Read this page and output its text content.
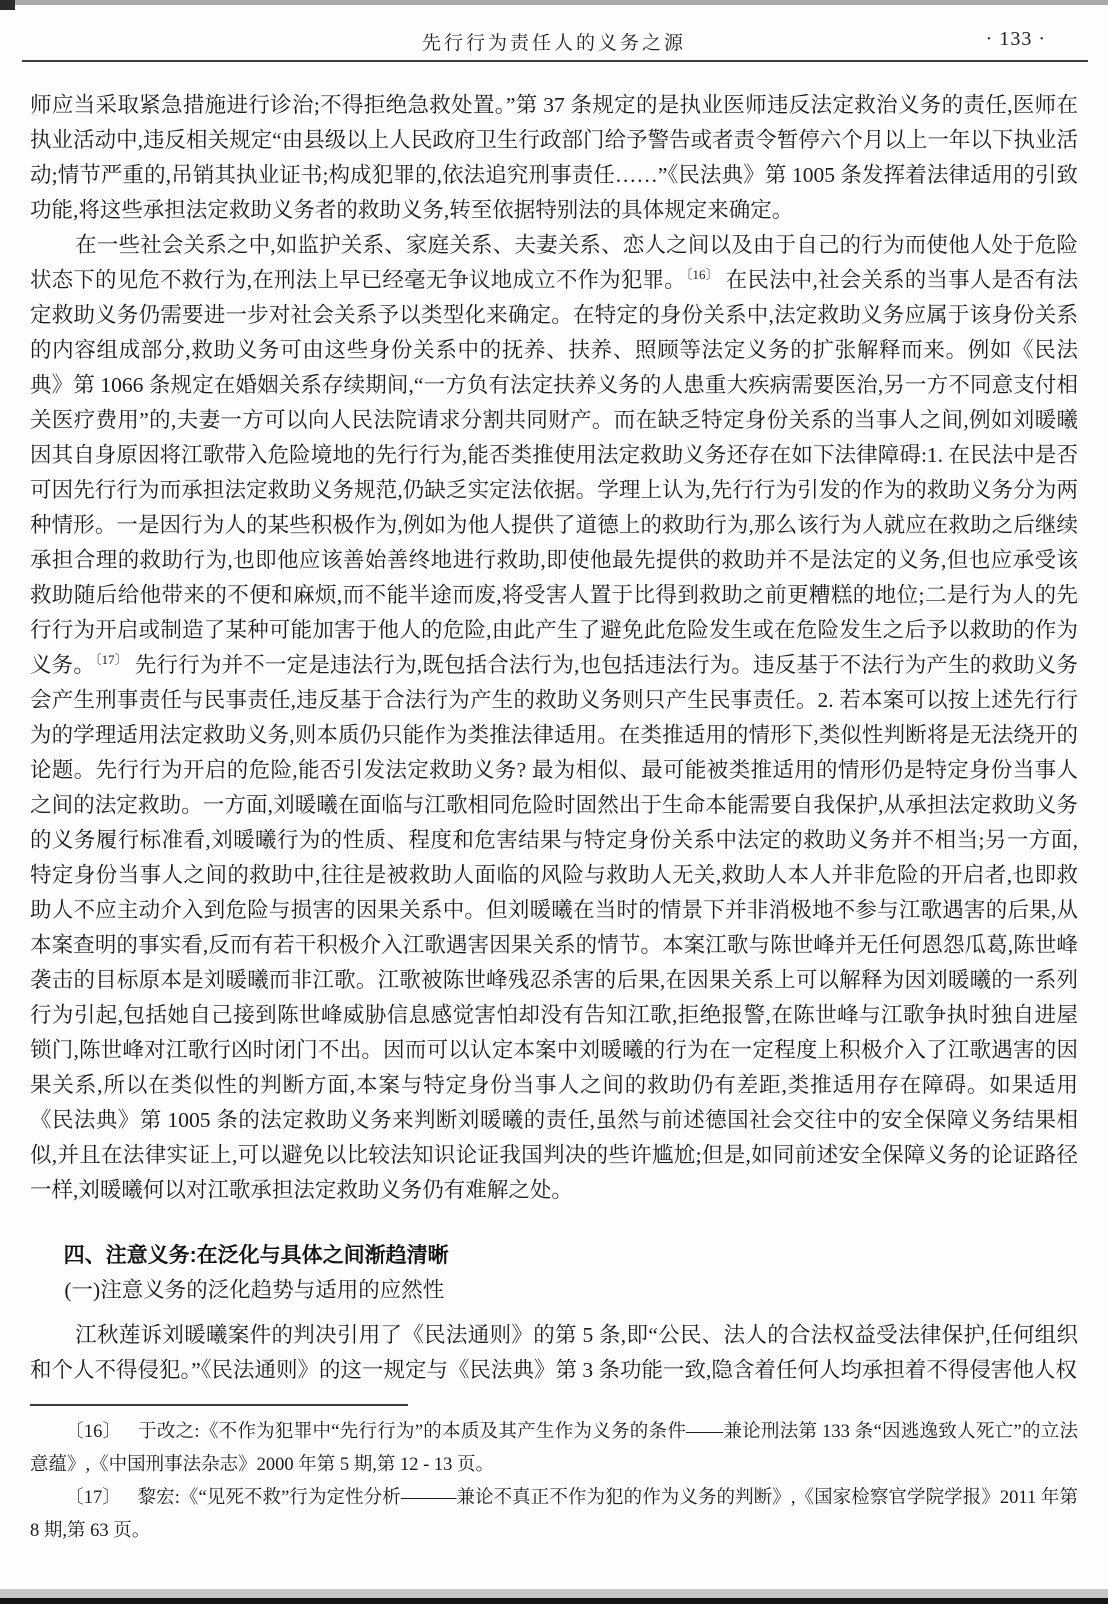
先行行为责任人的义务之源	· 133 ·

师应当采取紧急措施进行诊治;不得拒绝急救处置。”第 37 条规定的是执业医师违反法定救治义务的责任,医师在执业活动中,违反相关规定“由县级以上人民政府卫生行政部门给予警告或者责令暂停六个月以上一年以下执业活动;情节严重的,吊销其执业证书;构成犯罪的,依法追究刑事责任……”《民法典》第 1005 条发挥着法律适用的引致功能,将这些承担法定救助义务者的救助义务,转至依据特别法的具体规定来确定。

在一些社会关系之中,如监护关系、家庭关系、夫妻关系、恋人之间以及由于自己的行为而使他人处于危险状态下的见危不救行为,在刑法上早已经毫无争议地成立不作为犯罪。$^{〔16〕}$ 在民法中,社会关系的当事人是否有法定救助义务仍需要进一步对社会关系予以类型化来确定。在特定的身份关系中,法定救助义务应属于该身份关系的内容组成部分,救助义务可由这些身份关系中的抚养、扶养、照顾等法定义务的扩张解释而来。例如《民法典》第 1066 条规定在婚姻关系存续期间,“一方负有法定扶养义务的人患重大疾病需要医治,另一方不同意支付相关医疗费用”的,夫妻一方可以向人民法院请求分割共同财产。而在缺乏特定身份关系的当事人之间,例如刘暖曦因其自身原因将江歌带入危险境地的先行行为,能否类推使用法定救助义务还存在如下法律障碍:1. 在民法中是否可因先行行为而承担法定救助义务规范,仍缺乏实定法依据。学理上认为,先行行为引发的作为的救助义务分为两种情形。一是因行为人的某些积极作为,例如为他人提供了道德上的救助行为,那么该行为人就应在救助之后继续承担合理的救助行为,也即他应该善始善终地进行救助,即使他最先提供的救助并不是法定的义务,但也应承受该救助随后给他带来的不便和麻烦,而不能半途而废,将受害人置于比得到救助之前更糟糕的地位;二是行为人的先行行为开启或制造了某种可能加害于他人的危险,由此产生了避免此危险发生或在危险发生之后予以救助的作为义务。$^{〔17〕}$ 先行行为并不一定是违法行为,既包括合法行为,也包括违法行为。违反基于不法行为产生的救助义务会产生刑事责任与民事责任,违反基于合法行为产生的救助义务则只产生民事责任。2. 若本案可以按上述先行行为的学理适用法定救助义务,则本质仍只能作为类推法律适用。在类推适用的情形下,类似性判断将是无法绕开的论题。先行行为开启的危险,能否引发法定救助义务? 最为相似、最可能被类推适用的情形仍是特定身份当事人之间的法定救助。一方面,刘暖曦在面临与江歌相同危险时固然出于生命本能需要自我保护,从承担法定救助义务的义务履行标准看,刘暖曦行为的性质、程度和危害结果与特定身份关系中法定的救助义务并不相当;另一方面,特定身份当事人之间的救助中,往往是被救助人面临的风险与救助人无关,救助人本人并非危险的开启者,也即救助人不应主动介入到危险与损害的因果关系中。但刘暖曦在当时的情景下并非消极地不参与江歌遇害的后果,从本案查明的事实看,反而有若干积极介入江歌遇害因果关系的情节。本案江歌与陈世峰并无任何恩怨瓜葛,陈世峰袭击的目标原本是刘暖曦而非江歌。江歌被陈世峰残忍杀害的后果,在因果关系上可以解释为因刘暖曦的一系列行为引起,包括她自己接到陈世峰威胁信息感觉害怕却没有告知江歌,拒绝报警,在陈世峰与江歌争执时独自进屋锁门,陈世峰对江歌行凶时闭门不出。因而可以认定本案中刘暖曦的行为在一定程度上积极介入了江歌遇害的因果关系,所以在类似性的判断方面,本案与特定身份当事人之间的救助仍有差距,类推适用存在障碍。如果适用《民法典》第 1005 条的法定救助义务来判断刘暖曦的责任,虽然与前述德国社会交往中的安全保障义务结果相似,并且在法律实证上,可以避免以比较法知识论证我国判决的些许尴尬;但是,如同前述安全保障义务的论证路径一样,刘暖曦何以对江歌承担法定救助义务仍有难解之处。

四、注意义务:在泛化与具体之间渐趋清晰

(一)注意义务的泛化趋势与适用的应然性

江秋莲诉刘暖曦案件的判决引用了《民法通则》的第 5 条,即“公民、法人的合法权益受法律保护,任何组织和个人不得侵犯。”《民法通则》的这一规定与《民法典》第 3 条功能一致,隐含着任何人均承担着不得侵害他人权

〔16〕 于改之:《不作为犯罪中“先行行为”的本质及其产生作为义务的条件——兼论刑法第 133 条“因逃逸致人死亡”的立法意蕴》,《中国刑事法杂志》2000 年第 5 期,第 12 - 13 页。

〔17〕 黎宏:《“见死不救”行为定性分析———兼论不真正不作为犯的作为义务的判断》,《国家检察官学院学报》2011 年第 8 期,第 63 页。
